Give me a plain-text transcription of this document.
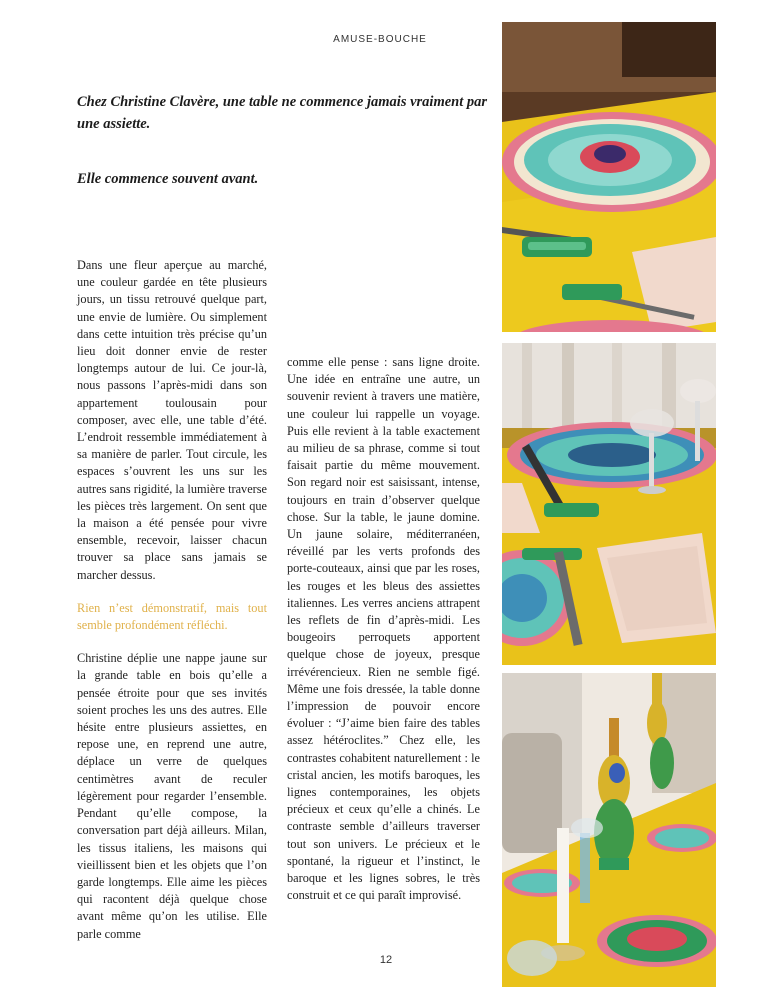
AMUSE-BOUCHE
Chez Christine Clavère, une table ne commence jamais vraiment par une assiette.
Elle commence souvent avant.

Dans une fleur aperçue au marché, une couleur gardée en tête plusieurs jours, un tissu retrouvé quelque part, une envie de lumière. Ou simplement dans cette intuition très précise qu’un lieu doit donner envie de rester longtemps autour de lui. Ce jour-là, nous passons l’après-midi dans son appartement toulousain pour composer, avec elle, une table d’été. L’endroit ressemble immédiatement à sa manière de parler. Tout circule, les espaces s’ouvrent les uns sur les autres sans rigidité, la lumière traverse les pièces très largement. On sent que la maison a été pensée pour vivre ensemble, recevoir, laisser chacun trouver sa place sans jamais se marcher dessus.

Rien n’est démonstratif, mais tout semble profondément réfléchi.

Christine déplie une nappe jaune sur la grande table en bois qu’elle a pensée étroite pour que ses invités soient proches les uns des autres. Elle hésite entre plusieurs assiettes, en repose une, en reprend une autre, déplace un verre de quelques centimètres avant de reculer légèrement pour regarder l’ensemble. Pendant qu’elle compose, la conversation part déjà ailleurs. Milan, les tissus italiens, les maisons qui vieillissent bien et les objets que l’on garde longtemps. Elle aime les pièces qui racontent déjà quelque chose avant même qu’on les utilise. Elle parle comme

comme elle pense : sans ligne droite. Une idée en entraîne une autre, un souvenir revient à travers une matière, une couleur lui rappelle un voyage. Puis elle revient à la table exactement au milieu de sa phrase, comme si tout faisait partie du même mouvement. Son regard noir est saisissant, intense, toujours en train d’observer quelque chose. Sur la table, le jaune domine. Un jaune solaire, méditerranéen, réveillé par les verts profonds des porte-couteaux, ainsi que par les roses, les rouges et les bleus des assiettes italiennes. Les verres anciens attrapent les reflets de fin d’après-midi. Les bougeoirs perroquets apportent quelque chose de joyeux, presque irrévérencieux. Rien ne semble figé. Même une fois dressée, la table donne l’impression de pouvoir encore évoluer : “J’aime bien faire des tables assez hétéroclites.” Chez elle, les contrastes cohabitent naturellement : le cristal ancien, les motifs baroques, les lignes contemporaines, les objets précieux et ceux qu’elle a chinés. Le contraste semble d’ailleurs traverser tout son univers. Le précieux et le spontané, la rigueur et l’instinct, le baroque et les lignes sobres, le très construit et ce qui paraît improvisé.

12
